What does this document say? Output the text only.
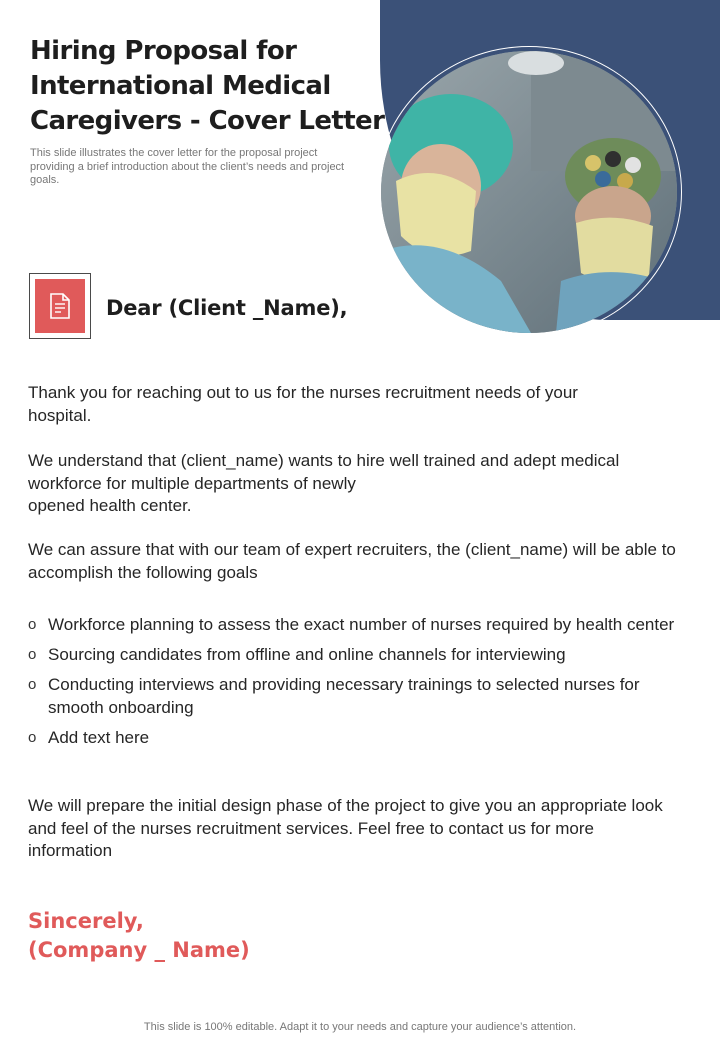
Hiring Proposal for International Medical Caregivers - Cover Letter

This slide illustrates the cover letter for the proposal project providing a brief introduction about the client’s needs and project goals.

Dear (Client _Name),

Thank you for reaching out to us for the nurses recruitment needs of your hospital.

We understand that (client_name) wants to hire well trained and adept medical workforce for multiple departments of newly
opened health center.

We can assure that with our team of expert recruiters, the (client_name) will be able to accomplish the following goals

o Workforce planning to assess the exact number of nurses required by health center
o Sourcing candidates from offline and online channels for interviewing
o Conducting interviews and providing necessary trainings to selected nurses for smooth onboarding
o Add text here

We will prepare the initial design phase of the project to give you an appropriate look and feel of the nurses recruitment services. Feel free to contact us for more information

Sincerely,
(Company _ Name)
This slide is 100% editable. Adapt it to your needs and capture your audience’s attention.
